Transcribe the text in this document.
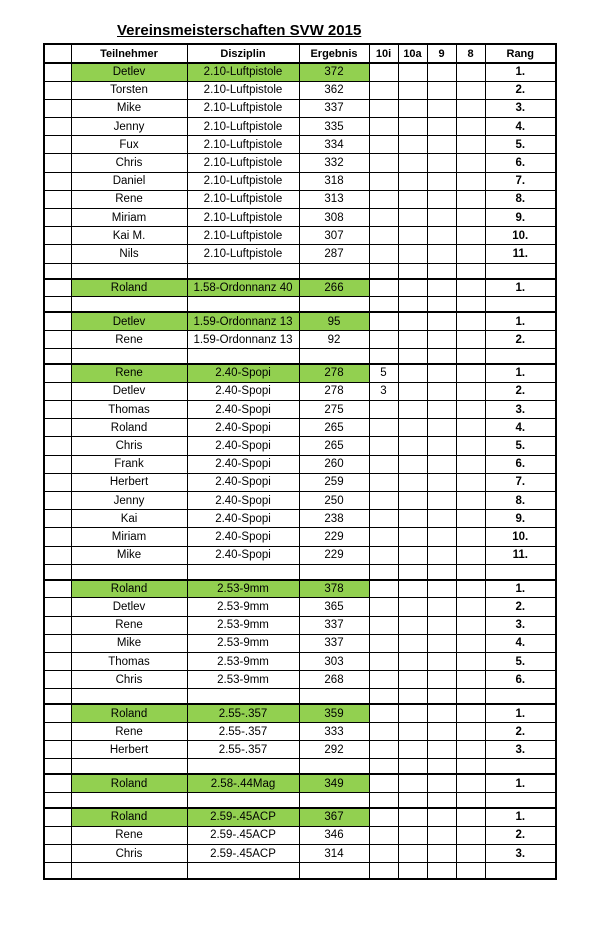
Vereinsmeisterschaften SVW 2015
	Teilnehmer	Disziplin	Ergebnis	10i	10a	9	8	Rang
	Detlev	2.10-Luftpistole	372					1.
	Torsten	2.10-Luftpistole	362					2.
	Mike	2.10-Luftpistole	337					3.
	Jenny	2.10-Luftpistole	335					4.
	Fux	2.10-Luftpistole	334					5.
	Chris	2.10-Luftpistole	332					6.
	Daniel	2.10-Luftpistole	318					7.
	Rene	2.10-Luftpistole	313					8.
	Miriam	2.10-Luftpistole	308					9.
	Kai M.	2.10-Luftpistole	307					10.
	Nils	2.10-Luftpistole	287					11.

	Roland	1.58-Ordonnanz 40	266					1.

	Detlev	1.59-Ordonnanz 13	95					1.
	Rene	1.59-Ordonnanz 13	92					2.

	Rene	2.40-Spopi	278	5				1.
	Detlev	2.40-Spopi	278	3				2.
	Thomas	2.40-Spopi	275					3.
	Roland	2.40-Spopi	265					4.
	Chris	2.40-Spopi	265					5.
	Frank	2.40-Spopi	260					6.
	Herbert	2.40-Spopi	259					7.
	Jenny	2.40-Spopi	250					8.
	Kai	2.40-Spopi	238					9.
	Miriam	2.40-Spopi	229					10.
	Mike	2.40-Spopi	229					11.

	Roland	2.53-9mm	378					1.
	Detlev	2.53-9mm	365					2.
	Rene	2.53-9mm	337					3.
	Mike	2.53-9mm	337					4.
	Thomas	2.53-9mm	303					5.
	Chris	2.53-9mm	268					6.

	Roland	2.55-.357	359					1.
	Rene	2.55-.357	333					2.
	Herbert	2.55-.357	292					3.

	Roland	2.58-.44Mag	349					1.

	Roland	2.59-.45ACP	367					1.
	Rene	2.59-.45ACP	346					2.
	Chris	2.59-.45ACP	314					3.
